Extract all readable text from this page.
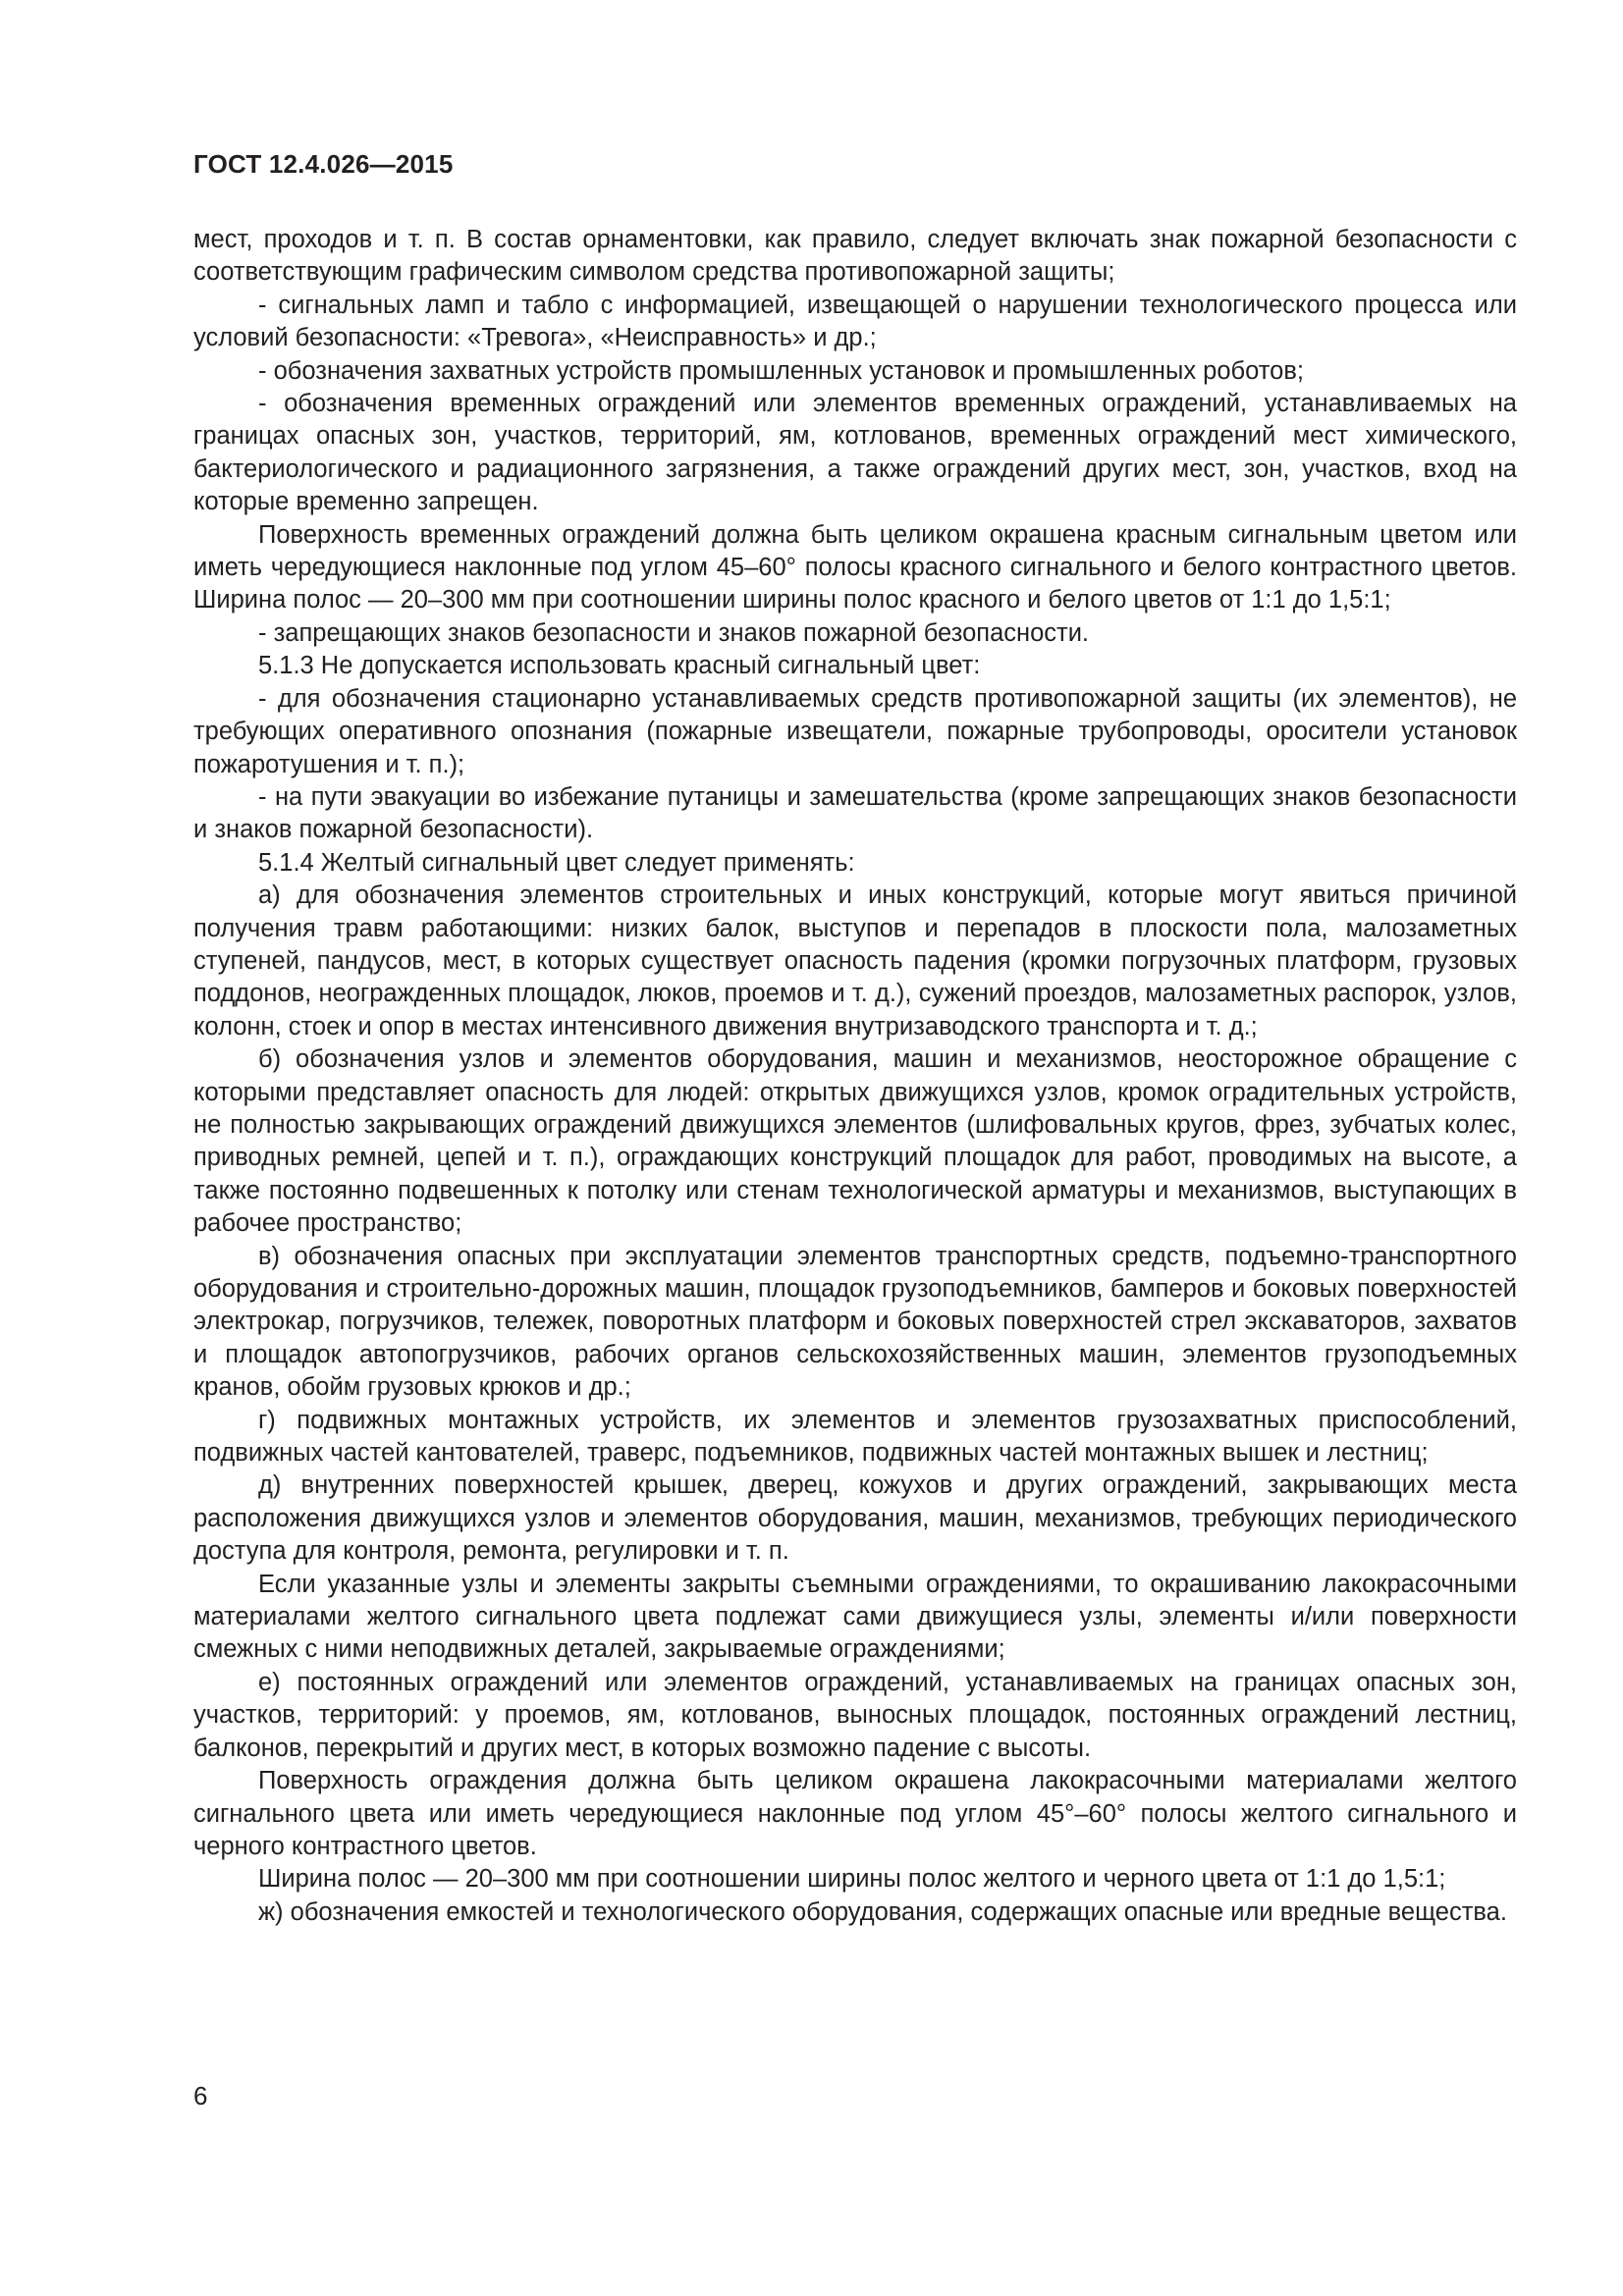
ГОСТ 12.4.026—2015

мест, проходов и т. п. В состав орнаментовки, как правило, следует включать знак пожарной безопасности с соответствующим графическим символом средства противопожарной защиты;

- сигнальных ламп и табло с информацией, извещающей о нарушении технологического процесса или условий безопасности: «Тревога», «Неисправность» и др.;

- обозначения захватных устройств промышленных установок и промышленных роботов;

- обозначения временных ограждений или элементов временных ограждений, устанавливаемых на границах опасных зон, участков, территорий, ям, котлованов, временных ограждений мест химического, бактериологического и радиационного загрязнения, а также ограждений других мест, зон, участков, вход на которые временно запрещен.

Поверхность временных ограждений должна быть целиком окрашена красным сигнальным цветом или иметь чередующиеся наклонные под углом 45–60° полосы красного сигнального и белого контрастного цветов. Ширина полос — 20–300 мм при соотношении ширины полос красного и белого цветов от 1:1 до 1,5:1;

- запрещающих знаков безопасности и знаков пожарной безопасности.

5.1.3 Не допускается использовать красный сигнальный цвет:

- для обозначения стационарно устанавливаемых средств противопожарной защиты (их элементов), не требующих оперативного опознания (пожарные извещатели, пожарные трубопроводы, оросители установок пожаротушения и т. п.);

- на пути эвакуации во избежание путаницы и замешательства (кроме запрещающих знаков безопасности и знаков пожарной безопасности).

5.1.4 Желтый сигнальный цвет следует применять:

а) для обозначения элементов строительных и иных конструкций, которые могут явиться причиной получения травм работающими: низких балок, выступов и перепадов в плоскости пола, малозаметных ступеней, пандусов, мест, в которых существует опасность падения (кромки погрузочных платформ, грузовых поддонов, неогражденных площадок, люков, проемов и т. д.), сужений проездов, малозаметных распорок, узлов, колонн, стоек и опор в местах интенсивного движения внутризаводского транспорта и т. д.;

б) обозначения узлов и элементов оборудования, машин и механизмов, неосторожное обращение с которыми представляет опасность для людей: открытых движущихся узлов, кромок оградительных устройств, не полностью закрывающих ограждений движущихся элементов (шлифовальных кругов, фрез, зубчатых колес, приводных ремней, цепей и т. п.), ограждающих конструкций площадок для работ, проводимых на высоте, а также постоянно подвешенных к потолку или стенам технологической арматуры и механизмов, выступающих в рабочее пространство;

в) обозначения опасных при эксплуатации элементов транспортных средств, подъемно-транспортного оборудования и строительно-дорожных машин, площадок грузоподъемников, бамперов и боковых поверхностей электрокар, погрузчиков, тележек, поворотных платформ и боковых поверхностей стрел экскаваторов, захватов и площадок автопогрузчиков, рабочих органов сельскохозяйственных машин, элементов грузоподъемных кранов, обойм грузовых крюков и др.;

г) подвижных монтажных устройств, их элементов и элементов грузозахватных приспособлений, подвижных частей кантователей, траверс, подъемников, подвижных частей монтажных вышек и лестниц;

д) внутренних поверхностей крышек, дверец, кожухов и других ограждений, закрывающих места расположения движущихся узлов и элементов оборудования, машин, механизмов, требующих периодического доступа для контроля, ремонта, регулировки и т. п.

Если указанные узлы и элементы закрыты съемными ограждениями, то окрашиванию лакокрасочными материалами желтого сигнального цвета подлежат сами движущиеся узлы, элементы и/или поверхности смежных с ними неподвижных деталей, закрываемые ограждениями;

е) постоянных ограждений или элементов ограждений, устанавливаемых на границах опасных зон, участков, территорий: у проемов, ям, котлованов, выносных площадок, постоянных ограждений лестниц, балконов, перекрытий и других мест, в которых возможно падение с высоты.

Поверхность ограждения должна быть целиком окрашена лакокрасочными материалами желтого сигнального цвета или иметь чередующиеся наклонные под углом 45°–60° полосы желтого сигнального и черного контрастного цветов.

Ширина полос — 20–300 мм при соотношении ширины полос желтого и черного цвета от 1:1 до 1,5:1;

ж) обозначения емкостей и технологического оборудования, содержащих опасные или вредные вещества.

6
